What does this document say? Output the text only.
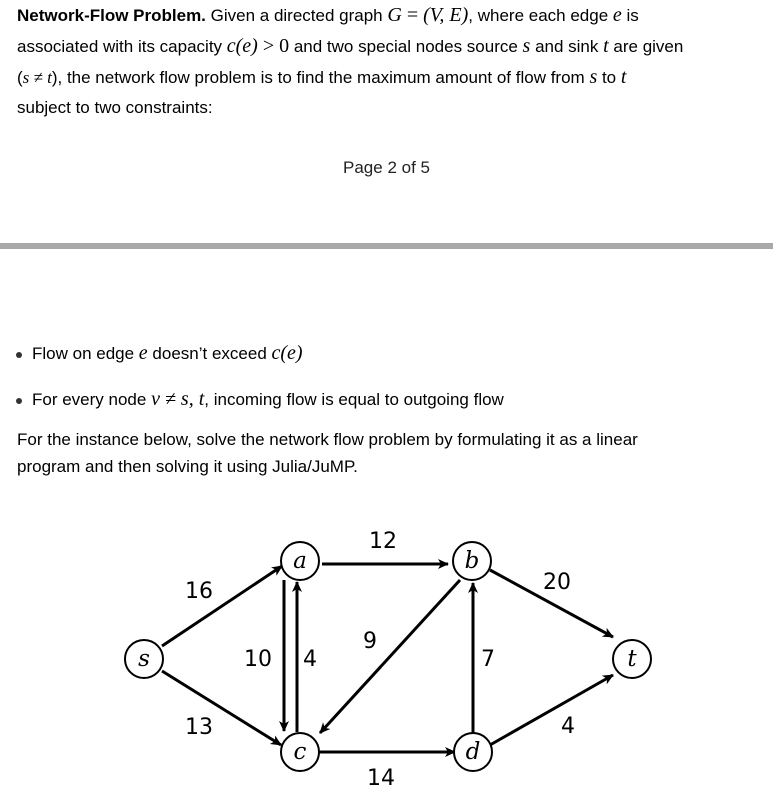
Network-Flow Problem. Given a directed graph G = (V, E), where each edge e is
associated with its capacity c(e) > 0 and two special nodes source s and sink t are given
(s ≠ t), the network flow problem is to find the maximum amount of flow from s to t
subject to two constraints:
Page 2 of 5
Flow on edge e doesn’t exceed c(e)
For every node v ≠ s, t, incoming flow is equal to outgoing flow
For the instance below, solve the network flow problem by formulating it as a linear
program and then solving it using Julia/JuMP.
16
13
10 4
12
9
7
14
20
4
s
a	b
c	d
t
